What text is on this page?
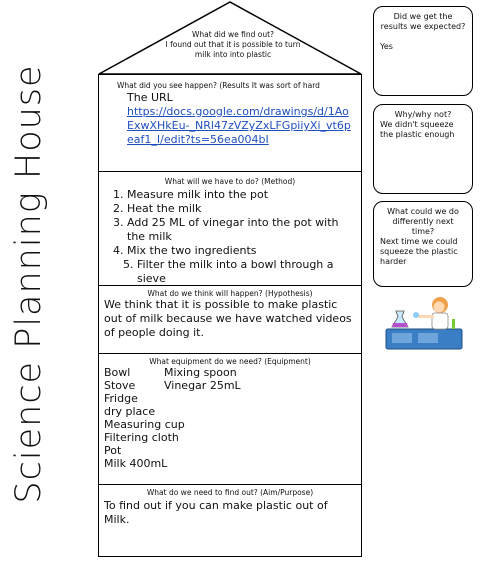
Science Planning House
What did we find out?
I found out that it is possible to turn milk into into plastic
What did you see happen? (Results It was sort of hard
The URL
https://docs.google.com/drawings/d/1AoExwXHkEu-_NRl47zVZyZxLFGpiiyXi_vt6peaf1_I/edit?ts=56ea004bI
What will we have to do? (Method)
1. Measure milk into the pot
2. Heat the milk
3. Add 25 ML of vinegar into the pot with the milk
4. Mix the two ingredients
5. Filter the milk into a bowl through a sieve
What do we think will happen? (Hypothesis)
We think that it is possible to make plastic out of milk because we have watched videos of people doing it.
What equipment do we need? (Equipment)
Bowl	Mixing spoon
Stove	Vinegar 25mL
Fridge
dry place
Measuring cup
Filtering cloth
Pot
Milk 400mL
What do we need to find out? (Aim/Purpose)
To find out if you can make plastic out of Milk.
Did we get the results we expected?
Yes
Why/why not?
We didn't squeeze the plastic enough
What could we do differently next time?
Next time we could squeeze the plastic harder
